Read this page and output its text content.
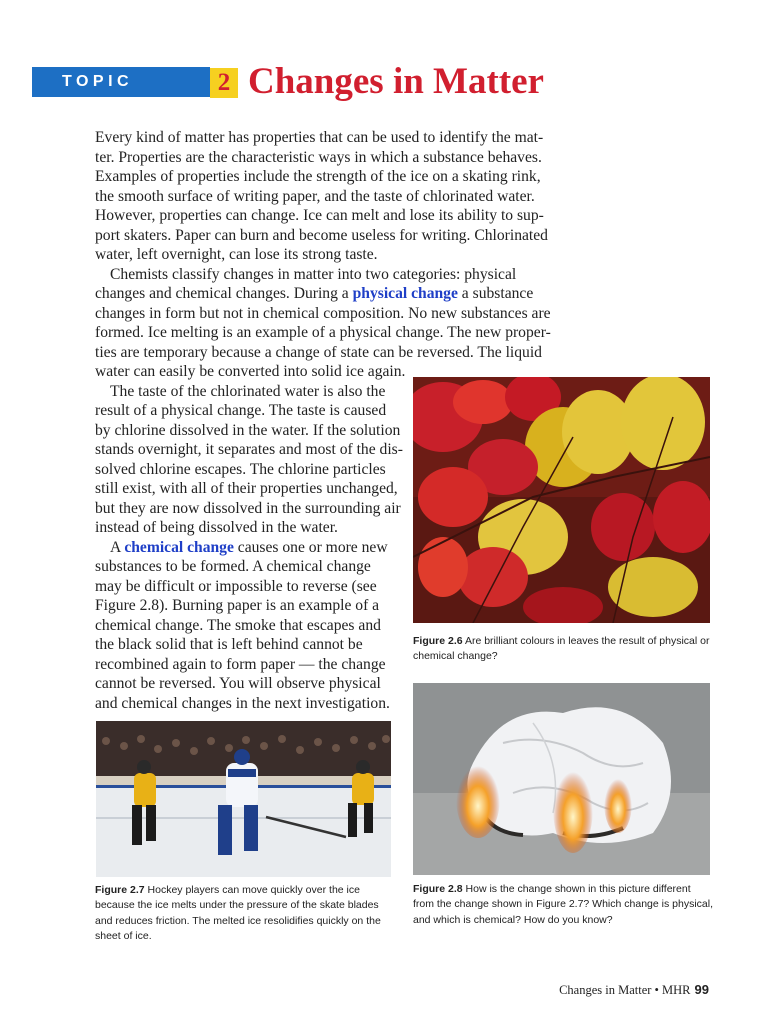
TOPIC	2 Changes in Matter
Every kind of matter has properties that can be used to identify the mat-
ter. Properties are the characteristic ways in which a substance behaves.
Examples of properties include the strength of the ice on a skating rink,
the smooth surface of writing paper, and the taste of chlorinated water.
However, properties can change. Ice can melt and lose its ability to sup-
port skaters. Paper can burn and become useless for writing. Chlorinated
water, left overnight, can lose its strong taste.
Chemists classify changes in matter into two categories: physical
changes and chemical changes. During a physical change a substance
changes in form but not in chemical composition. No new substances are
formed. Ice melting is an example of a physical change. The new proper-
ties are temporary because a change of state can be reversed. The liquid
water can easily be converted into solid ice again.
The taste of the chlorinated water is also the
result of a physical change. The taste is caused
by chlorine dissolved in the water. If the solution
stands overnight, it separates and most of the dis-
solved chlorine escapes. The chlorine particles
still exist, with all of their properties unchanged,
but they are now dissolved in the surrounding air
instead of being dissolved in the water.
A chemical change causes one or more new
substances to be formed. A chemical change
may be difficult or impossible to reverse (see
Figure 2.8). Burning paper is an example of a
chemical change. The smoke that escapes and
the black solid that is left behind cannot be
recombined again to form paper — the change
cannot be reversed. You will observe physical
and chemical changes in the next investigation.
Figure 2.6 Are brilliant colours in leaves the result of physical or chemical change?
Figure 2.7 Hockey players can move quickly over the ice because the ice melts under the pressure of the skate blades and reduces friction. The melted ice resolidifies quickly on the sheet of ice.
Figure 2.8 How is the change shown in this picture different from the change shown in Figure 2.7? Which change is physical, and which is chemical? How do you know?
Changes in Matter • MHR 99
